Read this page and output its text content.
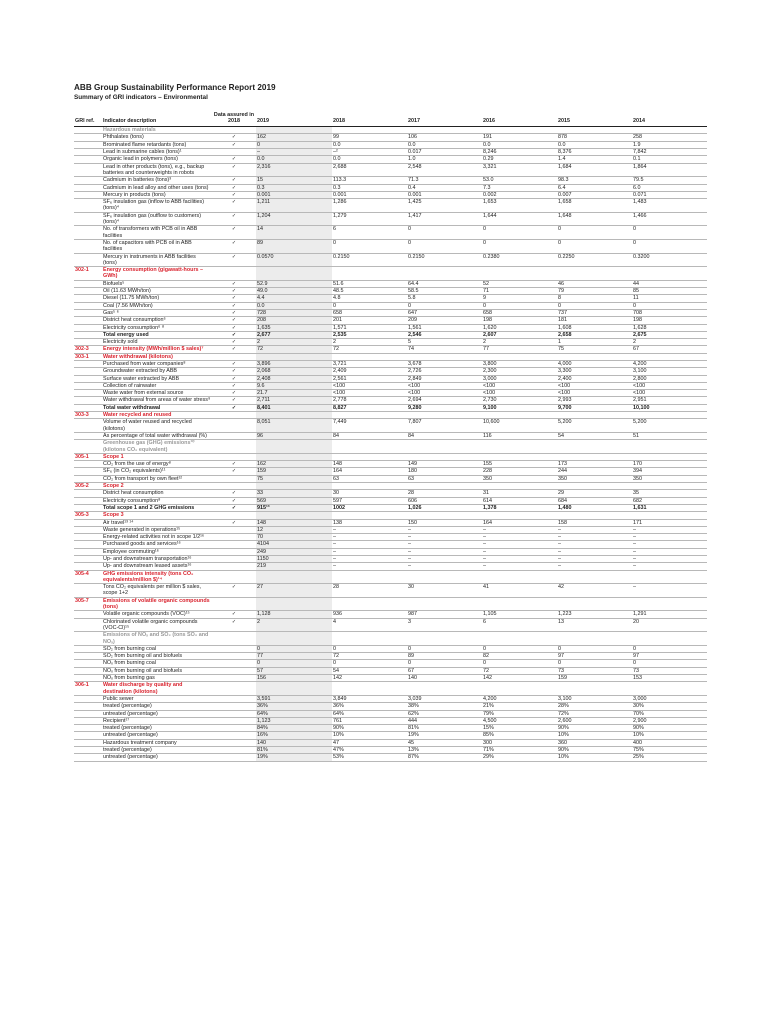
ABB Group Sustainability Performance Report 2019
Summary of GRI indicators – Environmental
GRI ref.	Indicator description	Data assured in 2018	2019	2018	2017	2016	2015	2014
	Hazardous materials							
	Phthalates (tons)	✓	162	99	106	191	878	258
	Brominated flame retardants (tons)	✓	0	0.0	0.0	0.0	0.0	1.9
	Lead in submarine cables (tons)¹		–	–²	0.017	8,246	8,376	7,842
	Organic lead in polymers (tons)	✓	0.0	0.0	1.0	0.29	1.4	0.1
	Lead in other products (tons), e.g., backup batteries and counterweights in robots	✓	2,316	2,688	2,548	3,321	1,684	1,864
	Cadmium in batteries (tons)³	✓	15	113.3	71.3	53.0	98.3	79.5
	Cadmium in lead alloy and other uses (tons)	✓	0.3	0.3	0.4	7.3	6.4	6.0
	Mercury in products (tons)	✓	0.001	0.001	0.001	0.002	0.007	0.071
	SF₆ insulation gas (inflow to ABB facilities) (tons)⁴	✓	1,211	1,286	1,425	1,653	1,658	1,483
	SF₆ insulation gas (outflow to customers) (tons)⁴	✓	1,204	1,279	1,417	1,644	1,648	1,466
	No. of transformers with PCB oil in ABB facilities	✓	14	6	0	0	0	0
	No. of capacitors with PCB oil in ABB facilities	✓	89	0	0	0	0	0
	Mercury in instruments in ABB facilities (tons)	✓	0.0570	0.2150	0.2150	0.2380	0.2250	0.3200
302-1	Energy consumption (gigawatt-hours – GWh)							
	Biofuels⁵	✓	52.9	51.6	64.4	52	46	44
	Oil (11.63 MWh/ton)	✓	49.0	48.5	58.5	71	79	85
	Diesel (11.75 MWh/ton)	✓	4.4	4.8	5.8	9	8	11
	Coal (7.56 MWh/ton)	✓	0.0	0	0	0	0	0
	Gas⁵ ⁶	✓	728	658	647	658	737	708
	District heat consumption⁶	✓	208	201	209	198	181	198
	Electricity consumption⁶ ⁸	✓	1,635	1,571	1,561	1,620	1,608	1,628
	Total energy used	✓	2,677	2,535	2,546	2,607	2,658	2,675
	Electricity sold	✓	2	2	5	2	1	2
302-3	Energy intensity (MWh/million $ sales)⁷	✓	72	72	74	77	75	67
303-1	Water withdrawal (kilotons)							
	Purchased from water companies⁸	✓	3,896	3,721	3,678	3,800	4,000	4,200
	Groundwater extracted by ABB	✓	2,068	2,409	2,726	2,300	3,300	3,100
	Surface water extracted by ABB	✓	2,408	2,561	2,849	3,000	2,400	2,800
	Collection of rainwater	✓	9.6	<100	<100	<100	<100	<100
	Waste water from external source	✓	21.7	<100	<100	<100	<100	<100
	Water withdrawal from areas of water stress⁹	✓	2,711	2,778	2,694	2,730	2,993	2,951
	Total water withdrawal	✓	8,401	8,827	9,280	9,100	9,700	10,100
303-3	Water recycled and reused							
	Volume of water reused and recycled (kilotons)		8,051	7,449	7,807	10,600	5,200	5,200
	As percentage of total water withdrawal (%)		96	84	84	116	54	51
	Greenhouse gas (GHG) emissions¹⁰ (kilotons CO₂ equivalent)							
305-1	Scope 1							
	CO₂ from the use of energy⁸	✓	162	148	149	155	173	170
	SF₆ (in CO₂ equivalents)¹¹	✓	159	164	180	228	244	394
	CO₂ from transport by own fleet¹²		75	63	63	350	350	350
305-2	Scope 2							
	District heat consumption	✓	33	30	28	31	29	35
	Electricity consumption⁸	✓	569	597	606	614	684	682
	Total scope 1 and 2 GHG emissions	✓	915¹³	1002	1,026	1,378	1,480	1,631
305-3	Scope 3							
	Air travel¹³ ¹⁴	✓	148	138	150	164	158	171
	Waste generated in operations¹⁵		12	–	–	–	–	–
	Energy-related activities not in scope 1/2¹⁶		70	–	–	–	–	–
	Purchased goods and services¹⁶		4104	–	–	–	–	–
	Employee commuting¹⁶		249	–	–	–	–	–
	Up- and downstream transportation¹⁶		1150	–	–	–	–	–
	Up- and downstream leased assets¹⁶		219	–	–	–	–	–
305-4	GHG emissions intensity (tons CO₂ equivalents/million $)¹⁴							
	Tons CO₂ equivalents per million $ sales, scope 1+2	✓	27	28	30	41	42	–
305-7	Emissions of volatile organic compounds (tons)							
	Volatile organic compounds (VOC)¹⁵	✓	1,128	936	987	1,105	1,223	1,291
	Chlorinated volatile organic compounds (VOC-Cl)¹⁵	✓	2	4	3	6	13	20
	Emissions of NOₓ and SO₂ (tons SO₂ and NOₓ)							
	SO₂ from burning coal		0	0	0	0	0	0
	SO₂ from burning oil and biofuels		77	72	89	82	97	97
	NOₓ from burning coal		0	0	0	0	0	0
	NOₓ from burning oil and biofuels		57	54	67	72	73	73
	NOₓ from burning gas		156	142	140	142	159	153
306-1	Water discharge by quality and destination (kilotons)							
	Public sewer		3,591	3,849	3,039	4,200	3,100	3,000
	treated (percentage)		36%	36%	38%	21%	28%	30%
	untreated (percentage)		64%	64%	62%	79%	72%	70%
	Recipient¹⁷		1,123	761	444	4,500	2,600	2,900
	treated (percentage)		84%	90%	81%	15%	90%	90%
	untreated (percentage)		16%	10%	19%	85%	10%	10%
	Hazardous treatment company		140	47	45	300	360	400
	treated (percentage)		81%	47%	13%	71%	90%	75%
	untreated (percentage)		19%	53%	87%	29%	10%	25%
